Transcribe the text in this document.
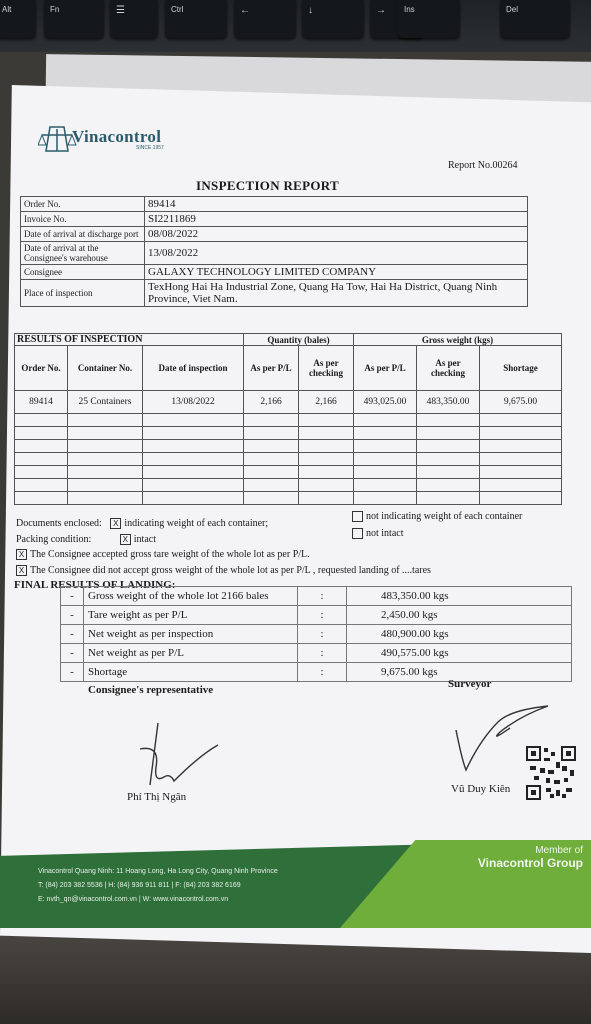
Alt	Fn	☰	Ctrl	←	↓	→ Ins	Del
Vinacontrol
SINCE 1957
Report No.00264
INSPECTION REPORT
Order No.	89414
Invoice No.	SI2211869
Date of arrival at discharge port	08/08/2022
Date of arrival at the Consignee's warehouse	13/08/2022
Consignee	GALAXY TECHNOLOGY LIMITED COMPANY
Place of inspection	TexHong Hai Ha Industrial Zone, Quang Ha Tow, Hai Ha District, Quang Ninh Province, Viet Nam.
RESULTS OF INSPECTION			Quantity (bales)		Gross weight (kgs)		
Order No.	Container No.	Date of inspection	As per P/L	As per checking	As per P/L	As per checking	Shortage
89414	25 Containers	13/08/2022	2,166	2,166	493,025.00	483,350.00	9,675.00

Documents enclosed: X indicating weight of each container;
not indicating weight of each container
Packing condition:	X intact
not intact
X The Consignee accepted gross tare weight of the whole lot as per P/L.
X The Consignee did not accept gross weight of the whole lot as per P/L , requested landing of ....tares
FINAL RESULTS OF LANDING:
-	Gross weight of the whole lot 2166 bales	:	483,350.00 kgs
-	Tare weight as per P/L	:	2,450.00 kgs
-	Net weight as per inspection	:	480,900.00 kgs
-	Net weight as per P/L	:	490,575.00 kgs
-	Shortage	:	9,675.00 kgs
Consignee's representative	Surveyor
Phí Thị Ngân
Vũ Duy Kiên
Vinacontrol Quang Ninh: 11 Hoang Long, Ha Long City, Quang Ninh Province
T: (84) 203 382 5536 | H: (84) 936 911 811 | F: (84) 203 382 6169
E: nvth_qn@vinacontrol.com.vn | W: www.vinacontrol.com.vn
Member of
Vinacontrol Group
